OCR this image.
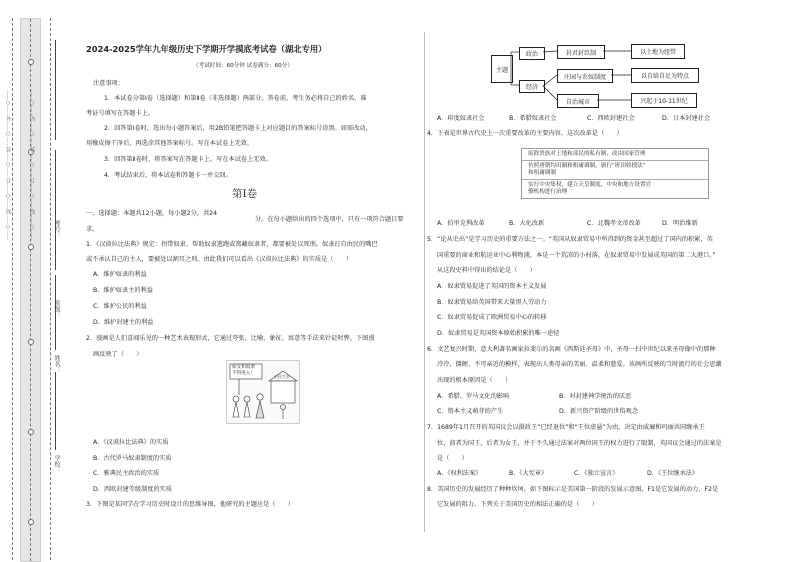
……○……内……○……装……○……订……○……线……○……
……○……外……○……装……○……订……○……线……○……
学校：
姓名：
班级：
考号：
2024-2025学年九年级历史下学期开学摸底考试卷（湖北专用）
（考试时间：60分钟 试卷满分：60分）
注意事项：
1．本试卷分第Ⅰ卷（选择题）和第Ⅱ卷（非选择题）两部分。答卷前，考生务必将自己的姓名、准
考证号填写在答题卡上。
2．回答第Ⅰ卷时，选出每小题答案后，用2B铅笔把答题卡上对应题目的答案标号涂黑。如需改动，
用橡皮擦干净后，再选涂其他答案标号。写在本试卷上无效。
3．回答第Ⅱ卷时，将答案写在答题卡上。写在本试卷上无效。
4．考试结束后，将本试卷和答题卡一并交回。
第Ⅰ卷
一、选择题：本题共12小题，每小题2分，共24
分。在每小题给出的四个选项中，只有一项符合题目要
求。
1．《汉谟拉比法典》规定：拐带奴隶、帮助奴隶逃跑或窝藏奴隶者，都要被处以死刑。奴隶打自由民的嘴巴
或不承认自己的主人，要被处以割耳之刑。由此我们可以看出《汉谟拉比法典》的实质是（　　）
A．维护奴隶的利益
B．维护奴隶主的利益
C．维护公民的利益
D．维护封建主的利益
2．漫画是人们喜闻乐见的一种艺术表现形式，它通过夸张、比喻、象征、寓意等手法来针砭时弊。下图漫
画反映了（　　）
如女和奴隶
不得进入！
公民大会
A．《汉谟拉比法典》的实质
B．古代罗马奴隶制度的实质
C．雅典民主政治的实质
D．西欧封建等级制度的实质
3．下图是某同学在学习历史时设计的思维导图，他研究的主题应是（　　）
主题
政治
经济
封君封臣制
庄园与农奴制度
自治城市
以土地为纽带
以自给自足为特点
兴起于10-11世纪
A．印度奴隶社会	B．希腊奴隶社会	C．西欧封建社会	D．日本封建社会
4．下表是世界古代史上一次重要改革的主要内容，这次改革是（　　）
废除贵族对土地和部民的私有制，改由国家管理
仿照唐朝均田制和租庸调制，颁行“班田收授法”
和租庸调制
实行中央集权，建立天皇制度，中央和地方设置官
僚机构进行治理
A．伯里克利改革	B．大化改新	C．北魏孝文帝改革	D．明治维新
5．“论从史出”是学习历史的重要方法之一。“英国从奴隶贸易中所得到的资金甚至超过了国内的积累，英
国重要的商业和航运业中心利物浦，本是一个荒凉的小村落，在奴隶贸易中发展成英国的第二大港口。”
从这段史料中得出的结论是（　　）
A．奴隶贸易促进了英国的资本主义发展
B．奴隶贸易给英国带来大量黑人劳动力
C．奴隶贸易促成了欧洲贸易中心的转移
D．奴隶贸易是英国资本原始积累的唯一途径
6．文艺复兴时期，意大利著名画家拉斐尔的名画《西斯廷圣母》中，圣母一扫中世纪以来圣母像中的那种
冷冷、僵硬、不可亲近的模样，表现出人类母亲的美丽、温柔和慈爱。该画所反映的当时流行的社会思潮
出现的根本原因是（　　）
A．希腊、罗马文化的影响	B．对封建神学统治的厌恶
C．资本主义萌芽的产生	D．新兴资产阶级的世俗观念
7．1689年1月召开的英国议会以摄政王“已经退位”和“王位虚悬”为由，决定由威廉和玛丽共同继承王
位，前者为国王，后者为女王，并于不久通过法案对两位国王的权力进行了限制，英国议会通过的法案是
是（　　）
A．《权利法案》	B．《大宪章》	C．《独立宣言》	D．《王位继承法》
8．美国历史的发展经历了种种坎坷。如下图标示是美国第一阶段的发展示意图，F1是它发展的动力，F2是
它发展的阻力。下列关于美国历史的相法正确的是（　　）
